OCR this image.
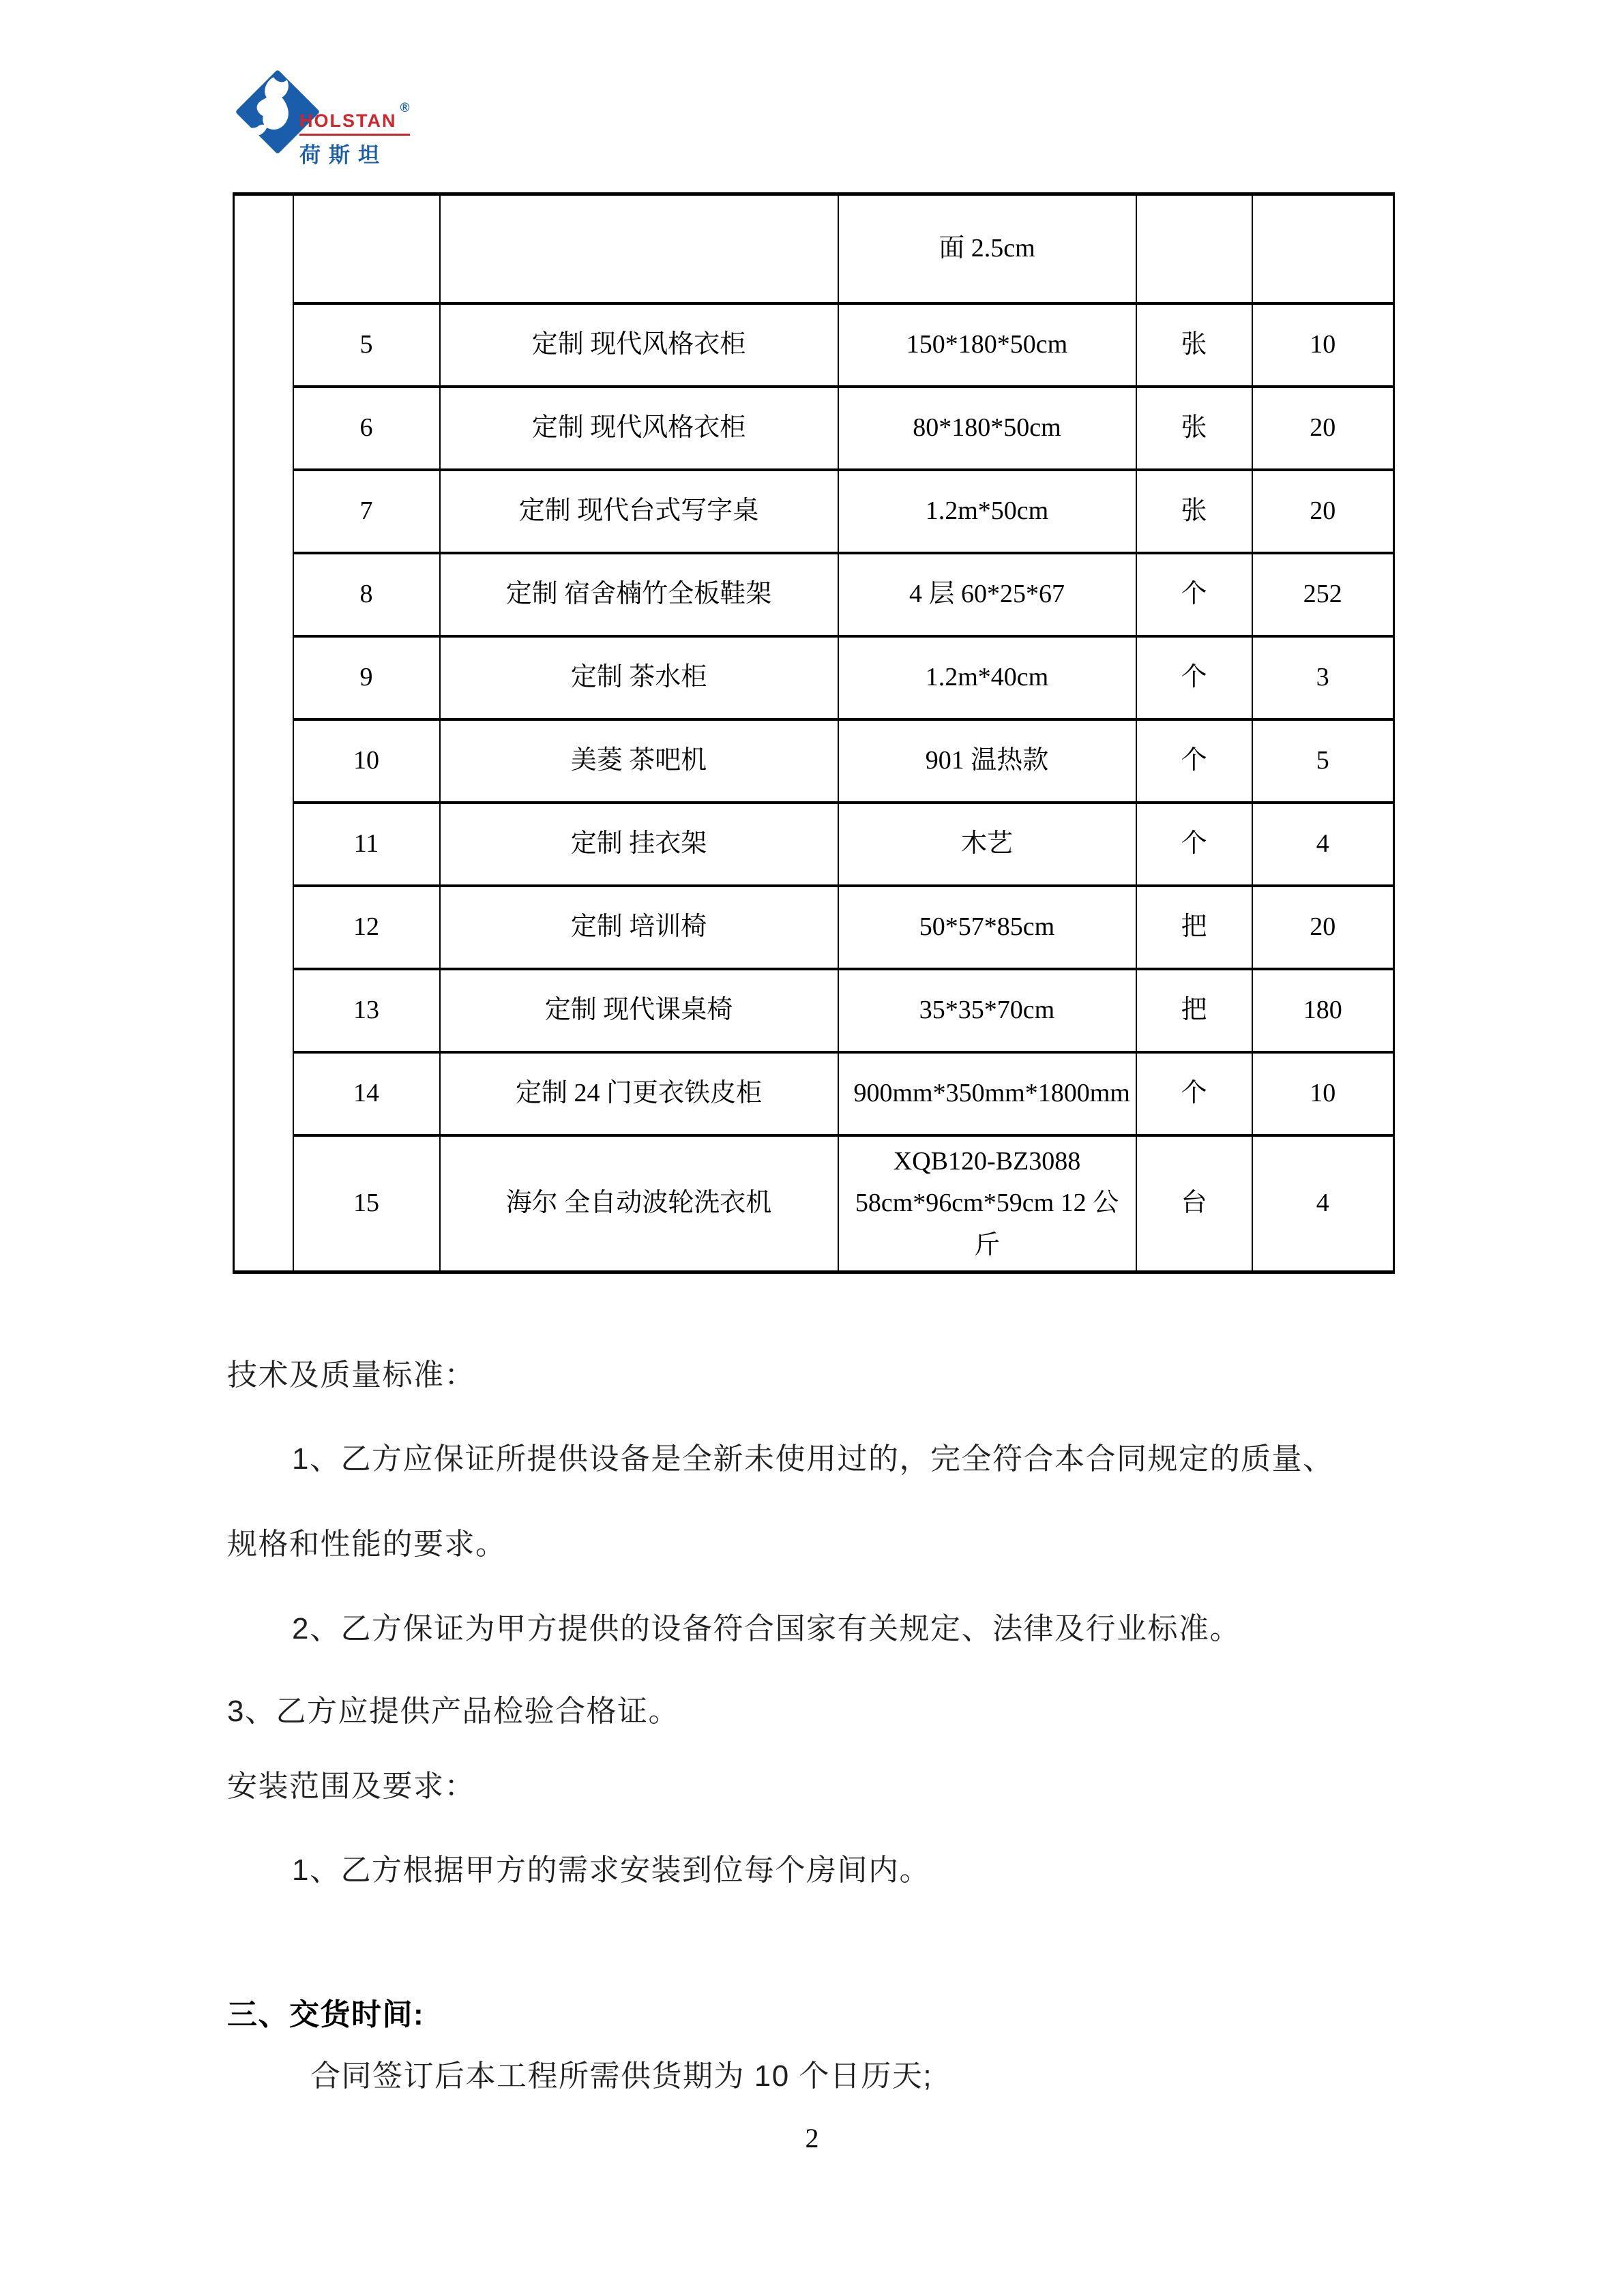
HOLSTAN®
荷斯坦
			面 2.5cm		
	5	定制 现代风格衣柜	150*180*50cm	张	10
	6	定制 现代风格衣柜	80*180*50cm	张	20
	7	定制 现代台式写字桌	1.2m*50cm	张	20
	8	定制 宿舍楠竹全板鞋架	4 层 60*25*67	个	252
	9	定制 茶水柜	1.2m*40cm	个	3
	10	美菱 茶吧机	901 温热款	个	5
	11	定制 挂衣架	木艺	个	4
	12	定制 培训椅	50*57*85cm	把	20
	13	定制 现代课桌椅	35*35*70cm	把	180
	14	定制 24 门更衣铁皮柜	900mm*350mm*1800mm	个	10
	15	海尔 全自动波轮洗衣机	XQB120-BZ3088 58cm*96cm*59cm 12 公斤	台	4
技术及质量标准：
1、乙方应保证所提供设备是全新未使用过的，完全符合本合同规定的质量、
规格和性能的要求。
2、乙方保证为甲方提供的设备符合国家有关规定、法律及行业标准。
3、乙方应提供产品检验合格证。
安装范围及要求：
1、乙方根据甲方的需求安装到位每个房间内。
三、交货时间:
合同签订后本工程所需供货期为 10 个日历天;
2
